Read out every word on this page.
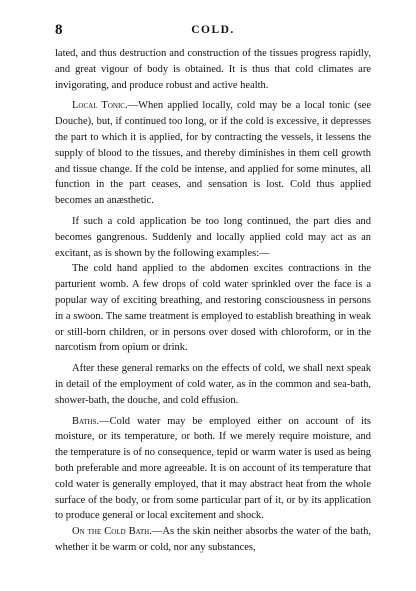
8	COLD.

lated, and thus destruction and construction of the tissues progress rapidly, and great vigour of body is obtained. It is thus that cold climates are invigorating, and produce robust and active health.

Local Tonic.—When applied locally, cold may be a local tonic (see Douche), but, if continued too long, or if the cold is excessive, it depresses the part to which it is applied, for by contracting the vessels, it lessens the supply of blood to the tissues, and thereby diminishes in them cell growth and tissue change. If the cold be intense, and applied for some minutes, all function in the part ceases, and sensation is lost. Cold thus applied becomes an anæsthetic.

If such a cold application be too long continued, the part dies and becomes gangrenous. Suddenly and locally applied cold may act as an excitant, as is shown by the following examples:—

The cold hand applied to the abdomen excites contractions in the parturient womb. A few drops of cold water sprinkled over the face is a popular way of exciting breathing, and restoring consciousness in persons in a swoon. The same treatment is employed to establish breathing in weak or still-born children, or in persons over dosed with chloroform, or in the narcotism from opium or drink.

After these general remarks on the effects of cold, we shall next speak in detail of the employment of cold water, as in the common and sea-bath, shower-bath, the douche, and cold effusion.

Baths.—Cold water may be employed either on account of its moisture, or its temperature, or both. If we merely require moisture, and the temperature is of no consequence, tepid or warm water is used as being both preferable and more agreeable. It is on account of its temperature that cold water is generally employed, that it may abstract heat from the whole surface of the body, or from some particular part of it, or by its application to produce general or local excitement and shock.

On the Cold Bath.—As the skin neither absorbs the water of the bath, whether it be warm or cold, nor any substances,
